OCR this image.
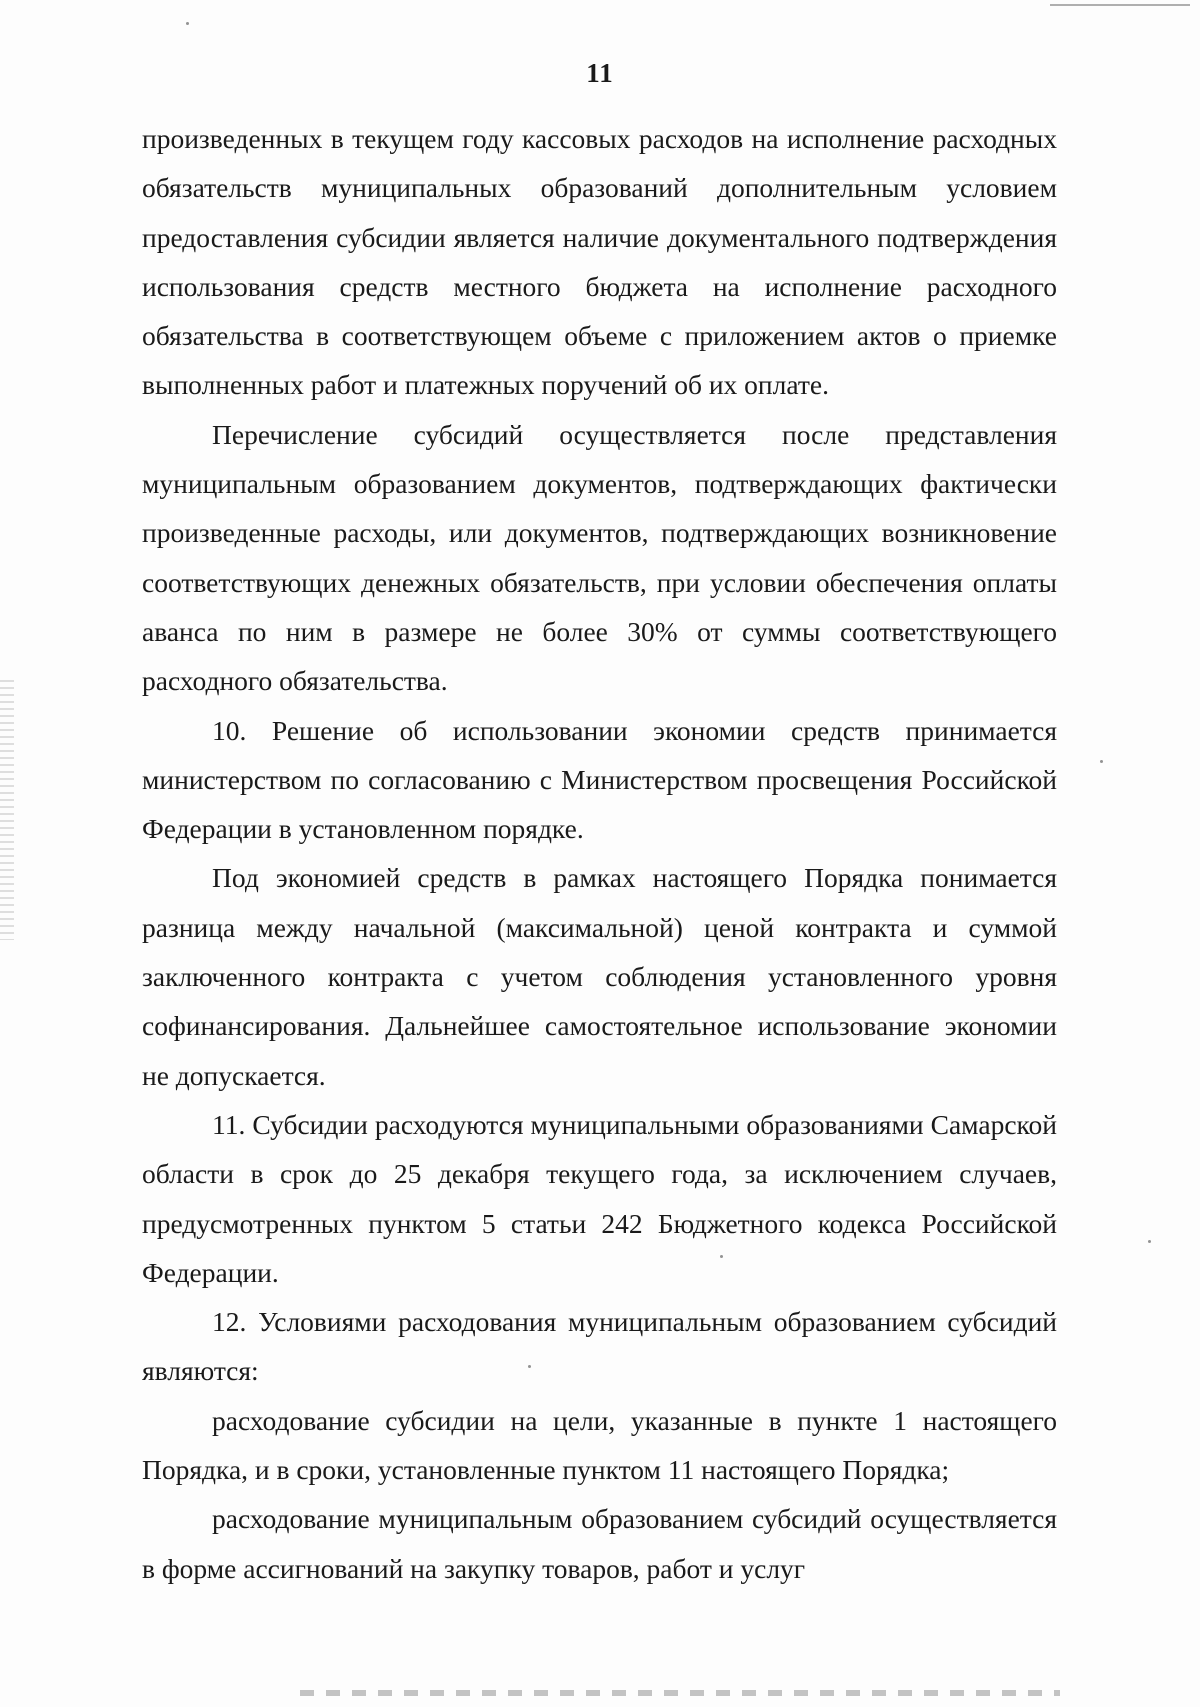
11

произведенных в текущем году кассовых расходов на исполнение расходных обязательств муниципальных образований дополнительным условием предоставления субсидии является наличие документального подтверждения использования средств местного бюджета на исполнение расходного обязательства в соответствующем объеме с приложением актов о приемке выполненных работ и платежных поручений об их оплате.

Перечисление субсидий осуществляется после представления муниципальным образованием документов, подтверждающих фактически произведенные расходы, или документов, подтверждающих возникновение соответствующих денежных обязательств, при условии обеспечения оплаты аванса по ним в размере не более 30% от суммы соответствующего расходного обязательства.

10. Решение об использовании экономии средств принимается министерством по согласованию с Министерством просвещения Российской Федерации в установленном порядке.

Под экономией средств в рамках настоящего Порядка понимается разница между начальной (максимальной) ценой контракта и суммой заключенного контракта с учетом соблюдения установленного уровня софинансирования. Дальнейшее самостоятельное использование экономии не допускается.

11. Субсидии расходуются муниципальными образованиями Самарской области в срок до 25 декабря текущего года, за исключением случаев, предусмотренных пунктом 5 статьи 242 Бюджетного кодекса Российской Федерации.

12. Условиями расходования муниципальным образованием субсидий являются:

расходование субсидии на цели, указанные в пункте 1 настоящего Порядка, и в сроки, установленные пунктом 11 настоящего Порядка;

расходование муниципальным образованием субсидий осуществляется в форме ассигнований на закупку товаров, работ и услуг
